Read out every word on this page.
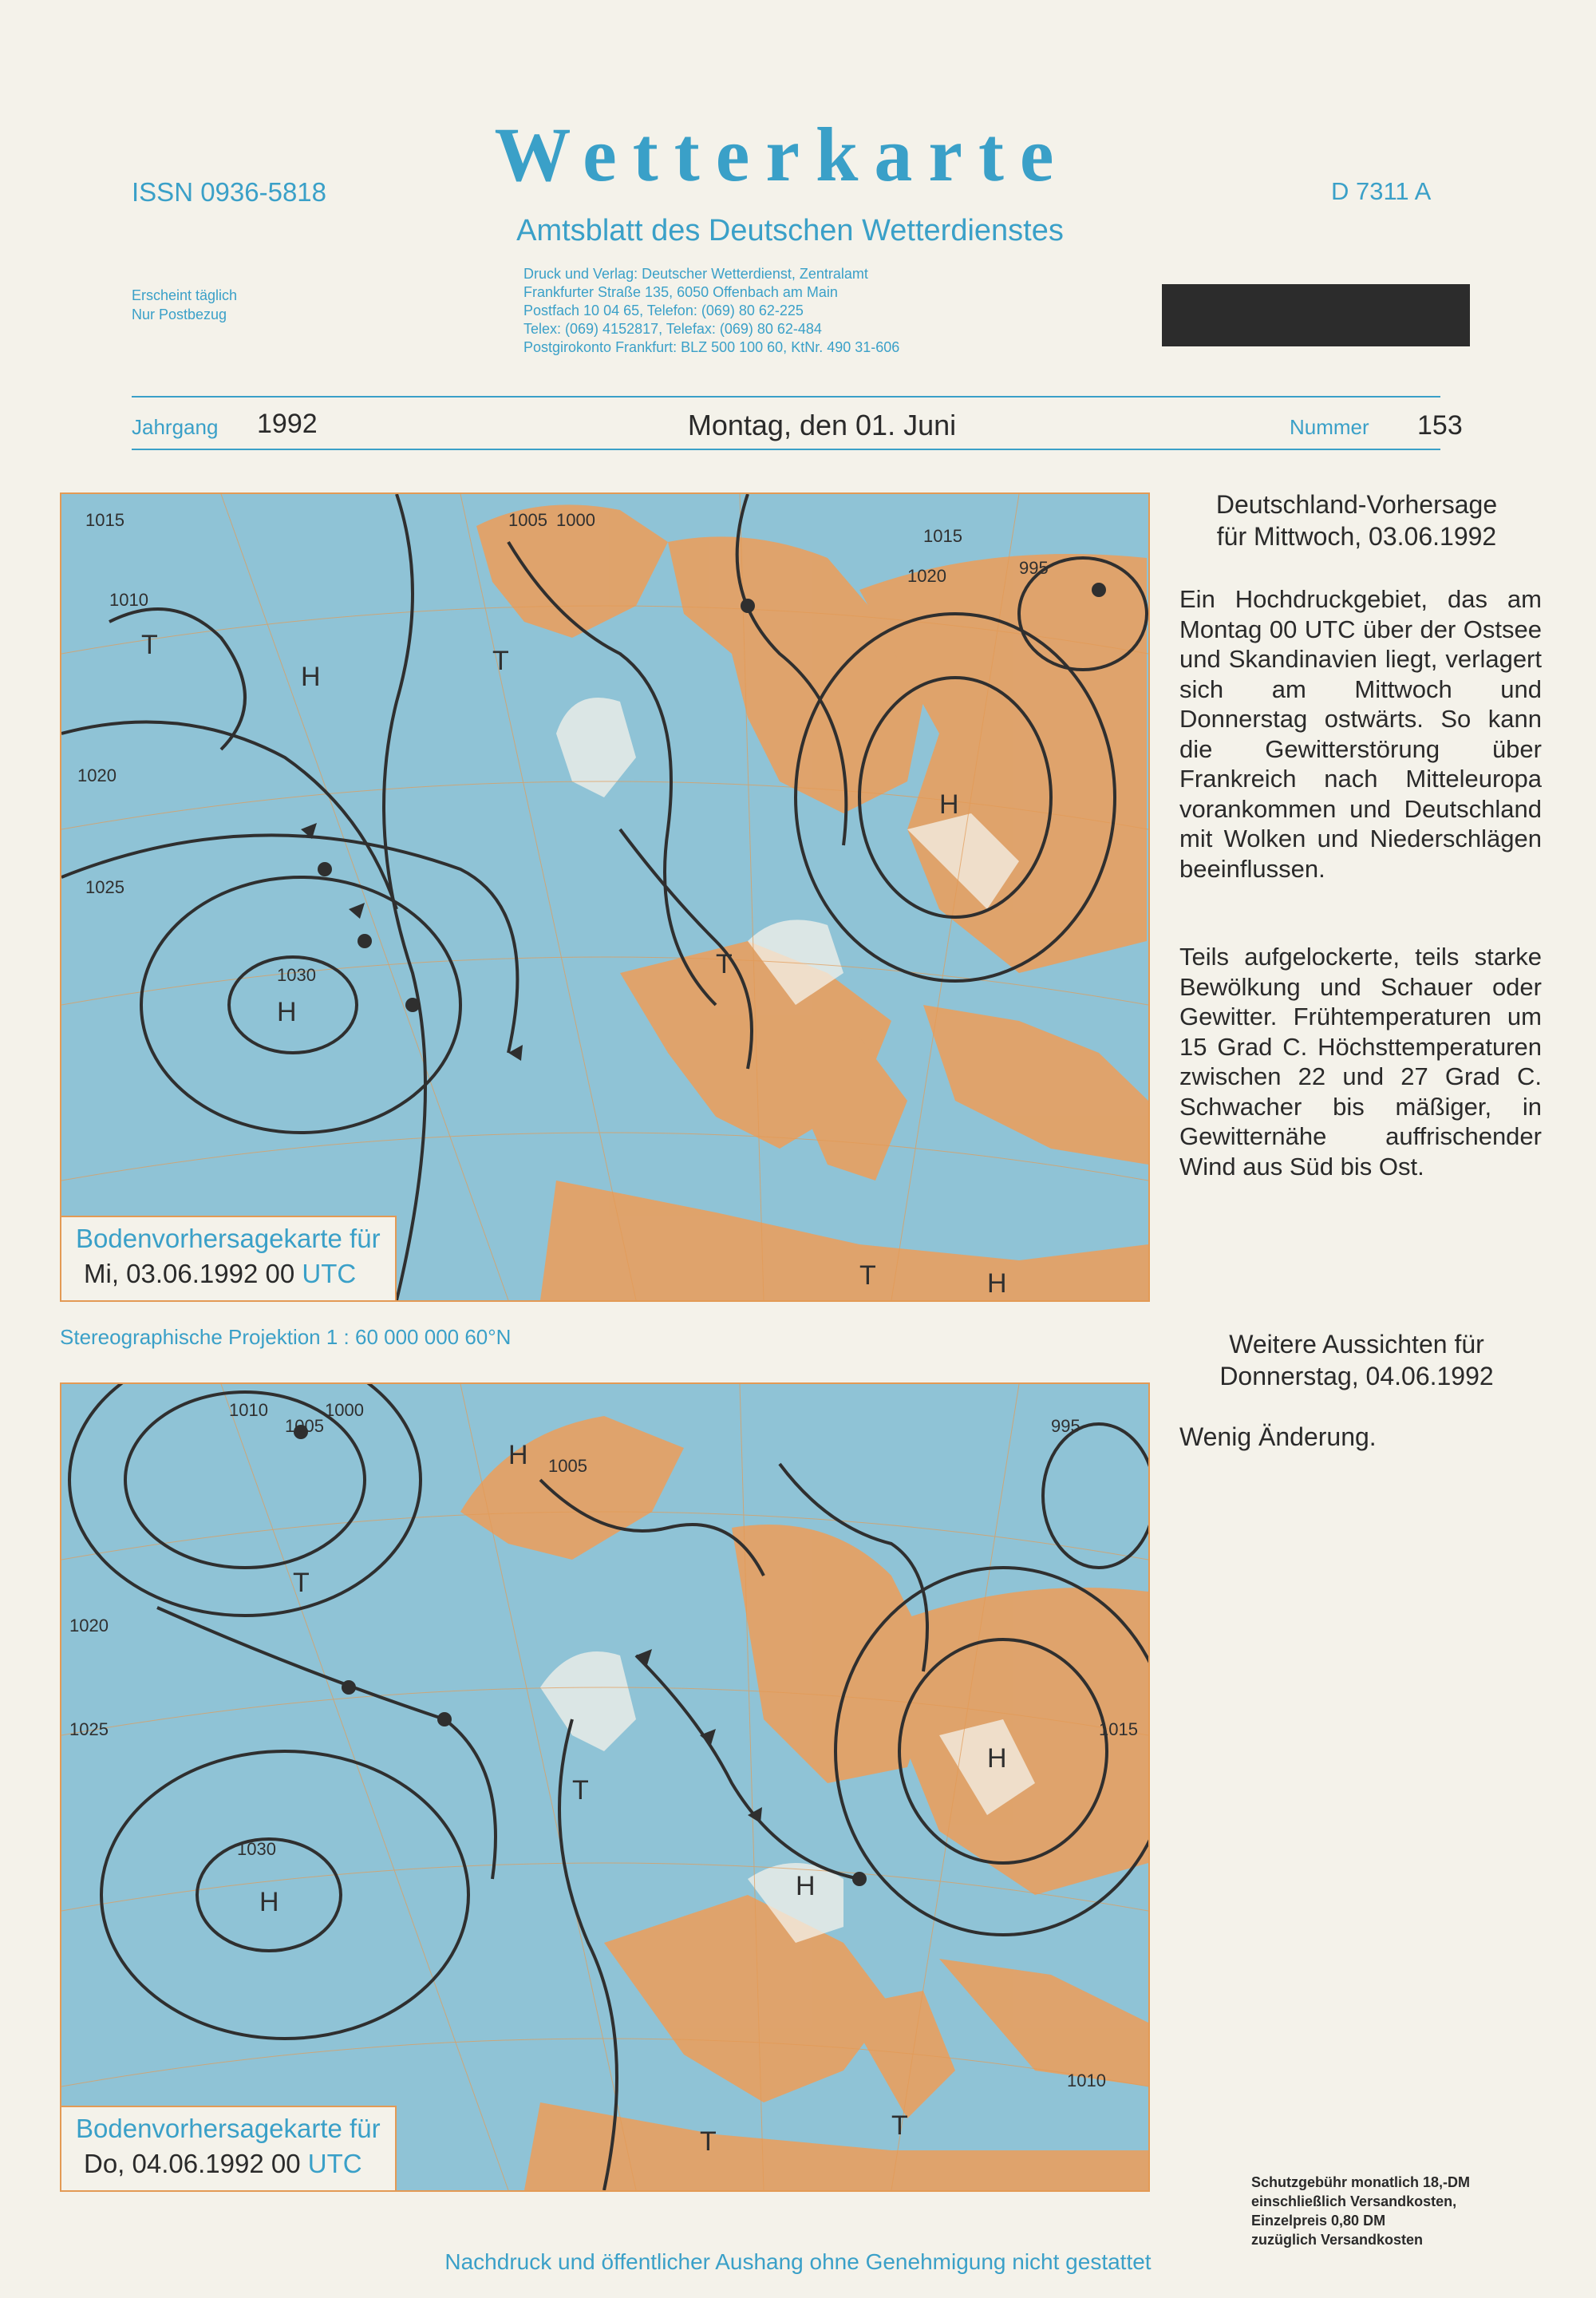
ISSN 0936-5818 Wetterkarte
Amtsblatt des Deutschen Wetterdienstes
D 7311 A
Erscheint täglich
Nur Postbezug
Druck und Verlag: Deutscher Wetterdienst, Zentralamt
Frankfurter Straße 135, 6050 Offenbach am Main
Postfach 10 04 65, Telefon: (069) 80 62-225
Telex: (069) 4152817, Telefax: (069) 80 62-484
Postgirokonto Frankfurt: BLZ 500 100 60, KtNr. 490 31-606
Jahrgang 1992	Montag, den 01. Juni	Nummer 153
1015
1010
1005 1000
1020
1025
1030
995
1015
1020
H
H
T
T
H
T
H
T
Bodenvorhersagekarte für
Mi, 03.06.1992 00 UTC
Stereographische Projektion 1 : 60 000 000 60°N
1010
1005
1000
995
1020
1025
1030
1015
1005
1010
H
T
H
T
H
T
T
H
Bodenvorhersagekarte für
Do, 04.06.1992 00 UTC
Deutschland-Vorhersage
für Mittwoch, 03.06.1992
Ein Hochdruckgebiet, das am Montag 00 UTC über der Ostsee und Skandinavien liegt, verlagert sich am Mittwoch und Donnerstag ostwärts. So kann die Gewitterstörung über Frankreich nach Mitteleuropa vorankommen und Deutschland mit Wolken und Niederschlägen beeinflussen.
Teils aufgelockerte, teils starke Bewölkung und Schauer oder Gewitter. Frühtemperaturen um 15 Grad C. Höchsttemperaturen zwischen 22 und 27 Grad C. Schwacher bis mäßiger, in Gewitternähe auffrischender Wind aus Süd bis Ost.
Weitere Aussichten für
Donnerstag, 04.06.1992
Wenig Änderung.
Schutzgebühr monatlich 18,-DM
einschließlich Versandkosten,
Einzelpreis 0,80 DM
zuzüglich Versandkosten
Nachdruck und öffentlicher Aushang ohne Genehmigung nicht gestattet
